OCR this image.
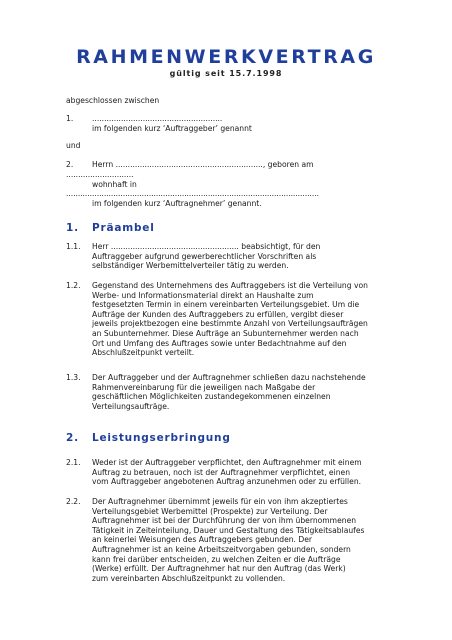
RAHMENWERKVERTRAG
gültig seit 15.7.1998
abgeschlossen zwischen
1. ......................................................
im folgenden kurz ‘Auftraggeber’ genannt
und
2. Herrn ............................................................., geboren am
............................
wohnhaft in
...........................................................................................................
im folgenden kurz ‘Auftragnehmer’ genannt.
1. Präambel
1.1. Herr ..................................................... beabsichtigt, für den
Auftraggeber aufgrund gewerberechtlicher Vorschriften als
selbständiger Werbemittelverteiler tätig zu werden.
1.2. Gegenstand des Unternehmens des Auftraggebers ist die Verteilung von
Werbe- und Informationsmaterial direkt an Haushalte zum
festgesetzten Termin in einem vereinbarten Verteilungsgebiet. Um die
Aufträge der Kunden des Auftraggebers zu erfüllen, vergibt dieser
jeweils projektbezogen eine bestimmte Anzahl von Verteilungsaufträgen
an Subunternehmer. Diese Aufträge an Subunternehmer werden nach
Ort und Umfang des Auftrages sowie unter Bedachtnahme auf den
Abschlußzeitpunkt verteilt.
1.3. Der Auftraggeber und der Auftragnehmer schließen dazu nachstehende
Rahmenvereinbarung für die jeweiligen nach Maßgabe der
geschäftlichen Möglichkeiten zustandegekommenen einzelnen
Verteilungsaufträge.
2. Leistungserbringung
2.1. Weder ist der Auftraggeber verpflichtet, den Auftragnehmer mit einem
Auftrag zu betrauen, noch ist der Auftragnehmer verpflichtet, einen
vom Auftraggeber angebotenen Auftrag anzunehmen oder zu erfüllen.
2.2. Der Auftragnehmer übernimmt jeweils für ein von ihm akzeptiertes
Verteilungsgebiet Werbemittel (Prospekte) zur Verteilung. Der
Auftragnehmer ist bei der Durchführung der von ihm übernommenen
Tätigkeit in Zeiteinteilung, Dauer und Gestaltung des Tätigkeitsablaufes
an keinerlei Weisungen des Auftraggebers gebunden. Der
Auftragnehmer ist an keine Arbeitszeitvorgaben gebunden, sondern
kann frei darüber entscheiden, zu welchen Zeiten er die Aufträge
(Werke) erfüllt. Der Auftragnehmer hat nur den Auftrag (das Werk)
zum vereinbarten Abschlußzeitpunkt zu vollenden.
